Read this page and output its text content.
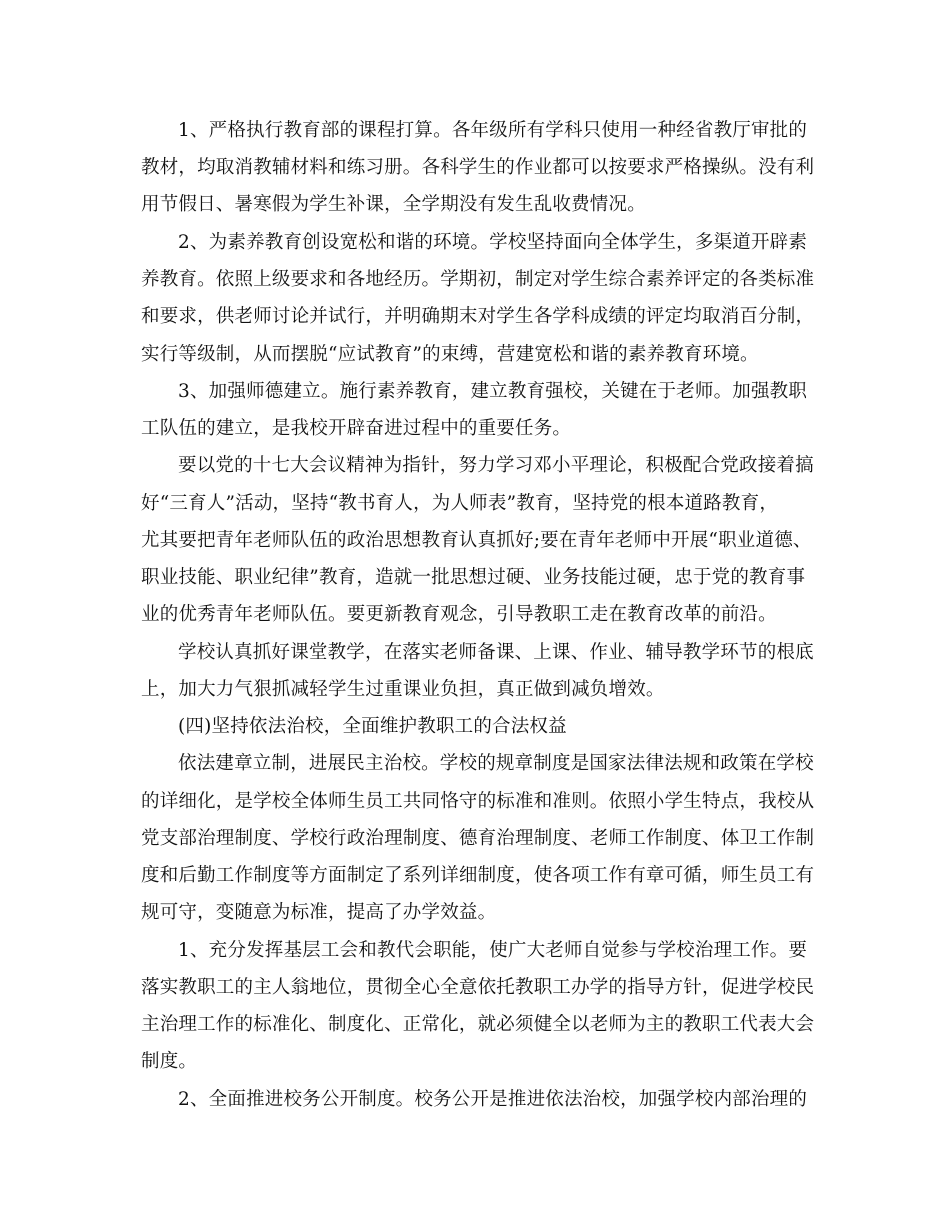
1、严格执行教育部的课程打算。各年级所有学科只使用一种经省教厅审批的

教材，均取消教辅材料和练习册。各科学生的作业都可以按要求严格操纵。没有利

用节假日、暑寒假为学生补课，全学期没有发生乱收费情况。

2、为素养教育创设宽松和谐的环境。学校坚持面向全体学生，多渠道开辟素

养教育。依照上级要求和各地经历。学期初，制定对学生综合素养评定的各类标准

和要求，供老师讨论并试行，并明确期末对学生各学科成绩的评定均取消百分制，

实行等级制，从而摆脱“应试教育”的束缚，营建宽松和谐的素养教育环境。

3、加强师德建立。施行素养教育，建立教育强校，关键在于老师。加强教职

工队伍的建立，是我校开辟奋进过程中的重要任务。

要以党的十七大会议精神为指针，努力学习邓小平理论，积极配合党政接着搞

好“三育人”活动，坚持“教书育人，为人师表”教育，坚持党的根本道路教育，

尤其要把青年老师队伍的政治思想教育认真抓好;要在青年老师中开展“职业道德、

职业技能、职业纪律”教育，造就一批思想过硬、业务技能过硬，忠于党的教育事

业的优秀青年老师队伍。要更新教育观念，引导教职工走在教育改革的前沿。

学校认真抓好课堂教学，在落实老师备课、上课、作业、辅导教学环节的根底

上，加大力气狠抓减轻学生过重课业负担，真正做到减负增效。

(四)坚持依法治校，全面维护教职工的合法权益

依法建章立制，进展民主治校。学校的规章制度是国家法律法规和政策在学校

的详细化，是学校全体师生员工共同恪守的标准和准则。依照小学生特点，我校从

党支部治理制度、学校行政治理制度、德育治理制度、老师工作制度、体卫工作制

度和后勤工作制度等方面制定了系列详细制度，使各项工作有章可循，师生员工有

规可守，变随意为标准，提高了办学效益。

1、充分发挥基层工会和教代会职能，使广大老师自觉参与学校治理工作。要

落实教职工的主人翁地位，贯彻全心全意依托教职工办学的指导方针，促进学校民

主治理工作的标准化、制度化、正常化，就必须健全以老师为主的教职工代表大会

制度。

2、全面推进校务公开制度。校务公开是推进依法治校，加强学校内部治理的
